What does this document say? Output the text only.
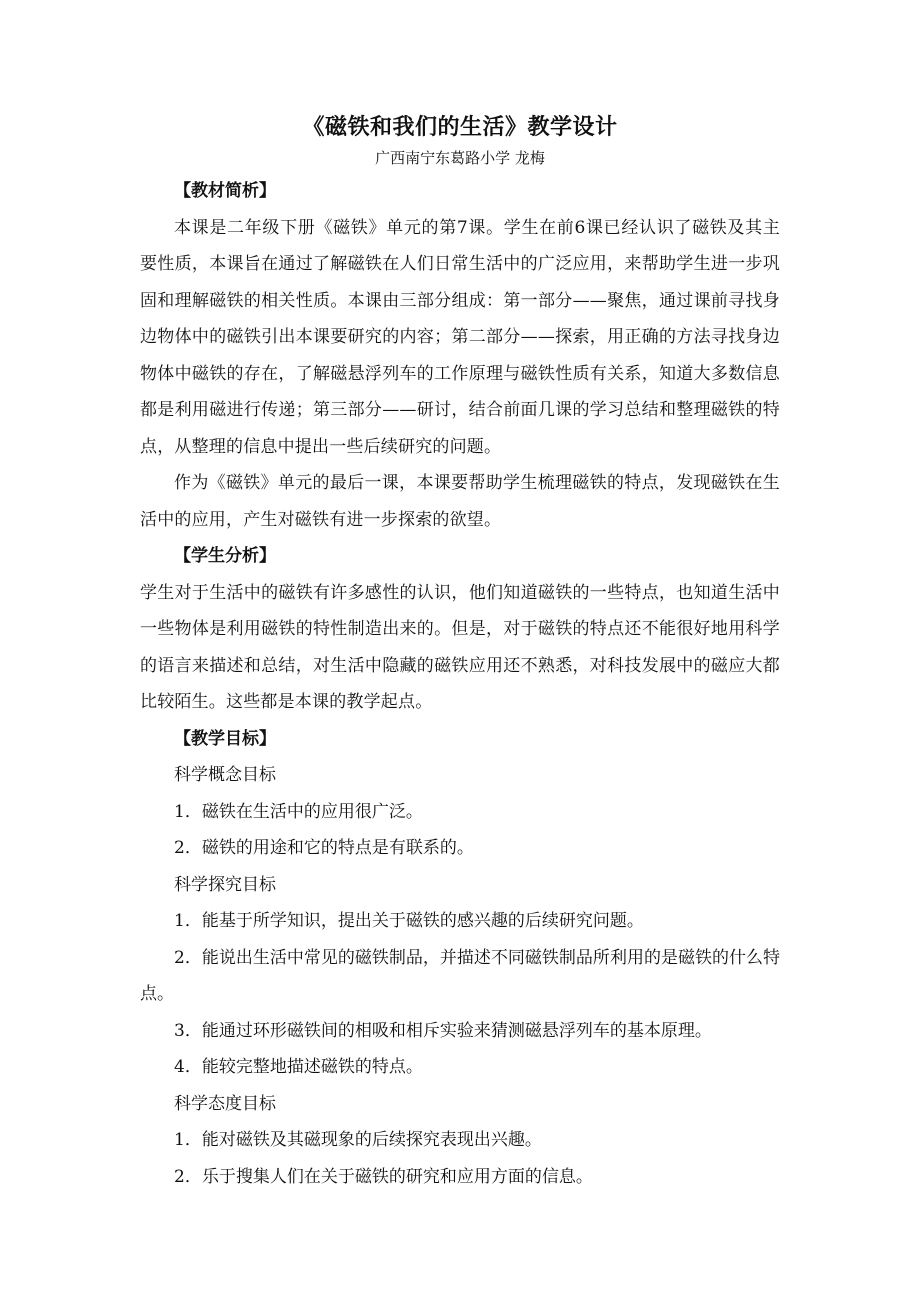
《磁铁和我们的生活》教学设计
广西南宁东葛路小学 龙梅
【教材简析】

本课是二年级下册《磁铁》单元的第7课。学生在前6课已经认识了磁铁及其主要性质，本课旨在通过了解磁铁在人们日常生活中的广泛应用，来帮助学生进一步巩固和理解磁铁的相关性质。本课由三部分组成：第一部分——聚焦，通过课前寻找身边物体中的磁铁引出本课要研究的内容；第二部分——探索，用正确的方法寻找身边物体中磁铁的存在，了解磁悬浮列车的工作原理与磁铁性质有关系，知道大多数信息都是利用磁进行传递；第三部分——研讨，结合前面几课的学习总结和整理磁铁的特点，从整理的信息中提出一些后续研究的问题。

作为《磁铁》单元的最后一课，本课要帮助学生梳理磁铁的特点，发现磁铁在生活中的应用，产生对磁铁有进一步探索的欲望。

【学生分析】

学生对于生活中的磁铁有许多感性的认识，他们知道磁铁的一些特点，也知道生活中一些物体是利用磁铁的特性制造出来的。但是，对于磁铁的特点还不能很好地用科学的语言来描述和总结，对生活中隐藏的磁铁应用还不熟悉，对科技发展中的磁应大都比较陌生。这些都是本课的教学起点。

【教学目标】
科学概念目标
1．磁铁在生活中的应用很广泛。
2．磁铁的用途和它的特点是有联系的。
科学探究目标
1．能基于所学知识，提出关于磁铁的感兴趣的后续研究问题。

2．能说出生活中常见的磁铁制品，并描述不同磁铁制品所利用的是磁铁的什么特点。

3．能通过环形磁铁间的相吸和相斥实验来猜测磁悬浮列车的基本原理。
4．能较完整地描述磁铁的特点。
科学态度目标
1．能对磁铁及其磁现象的后续探究表现出兴趣。
2．乐于搜集人们在关于磁铁的研究和应用方面的信息。
